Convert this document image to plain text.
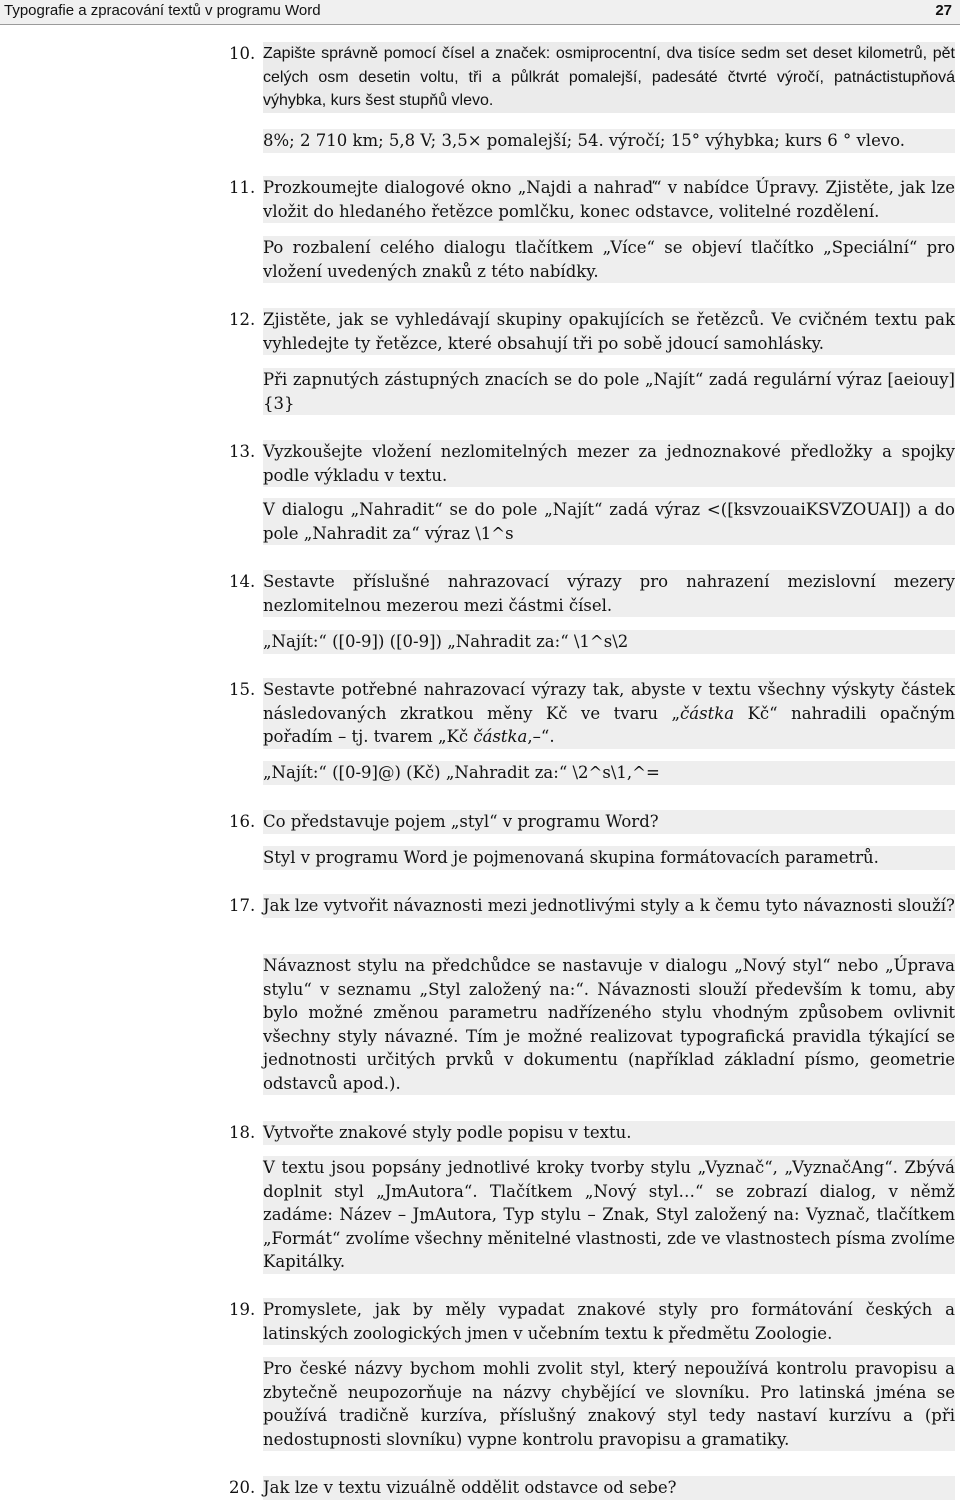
Typografie a zpracování textů v programu Word	27
10. Zapište správně pomocí čísel a značek: osmiprocentní, dva tisíce sedm set deset kilometrů, pět celých osm desetin voltu, tři a půlkrát pomalejší, padesáté čtvrté výročí, patnáctistupňová výhybka, kurs šest stupňů vlevo.
8%; 2 710 km; 5,8 V; 3,5× pomalejší; 54. výročí; 15° výhybka; kurs 6 ° vlevo.
11. Prozkoumejte dialogové okno „Najdi a nahraď“ v nabídce Úpravy. Zjistěte, jak lze vložit do hledaného řetězce pomlčku, konec odstavce, volitelné rozdělení.
Po rozbalení celého dialogu tlačítkem „Více“ se objeví tlačítko „Speciální“ pro vložení uvedených znaků z této nabídky.
12. Zjistěte, jak se vyhledávají skupiny opakujících se řetězců. Ve cvičném textu pak vyhledejte ty řetězce, které obsahují tři po sobě jdoucí samohlásky.
Při zapnutých zástupných znacích se do pole „Najít“ zadá regulární výraz [aeiouy]{3}
13. Vyzkoušejte vložení nezlomitelných mezer za jednoznakové předložky a spojky podle výkladu v textu.
V dialogu „Nahradit“ se do pole „Najít“ zadá výraz <([ksvzouaiKSVZOUAI]) a do pole „Nahradit za“ výraz \1^s
14. Sestavte příslušné nahrazovací výrazy pro nahrazení mezislovní mezery nezlomitelnou mezerou mezi částmi čísel.
„Najít:“ ([0-9]) ([0-9]) „Nahradit za:“ \1^s\2
15. Sestavte potřebné nahrazovací výrazy tak, abyste v textu všechny výskyty částek následovaných zkratkou měny Kč ve tvaru „částka Kč“ nahradili opačným pořadím – tj. tvarem „Kč částka,–“.
„Najít:“ ([0-9]@) (Kč) „Nahradit za:“ \2^s\1,^=
16. Co představuje pojem „styl“ v programu Word?
Styl v programu Word je pojmenovaná skupina formátovacích parametrů.
17. Jak lze vytvořit návaznosti mezi jednotlivými styly a k čemu tyto návaznosti slouží?
Návaznost stylu na předchůdce se nastavuje v dialogu „Nový styl“ nebo „Úprava stylu“ v seznamu „Styl založený na:“. Návaznosti slouží především k tomu, aby bylo možné změnou parametru nadřízeného stylu vhodným způsobem ovlivnit všechny styly návazné. Tím je možné realizovat typografická pravidla týkající se jednotnosti určitých prvků v dokumentu (například základní písmo, geometrie odstavců apod.).
18. Vytvořte znakové styly podle popisu v textu.
V textu jsou popsány jednotlivé kroky tvorby stylu „Vyznač“, „VyznačAng“. Zbývá doplnit styl „JmAutora“. Tlačítkem „Nový styl…“ se zobrazí dialog, v němž zadáme: Název – JmAutora, Typ stylu – Znak, Styl založený na: Vyznač, tlačítkem „Formát“ zvolíme všechny měnitelné vlastnosti, zde ve vlastnostech písma zvolíme Kapitálky.
19. Promyslete, jak by měly vypadat znakové styly pro formátování českých a latinských zoologických jmen v učebním textu k předmětu Zoologie.
Pro české názvy bychom mohli zvolit styl, který nepoužívá kontrolu pravopisu a zbytečně neupozorňuje na názvy chybějící ve slovníku. Pro latinská jména se používá tradičně kurzíva, příslušný znakový styl tedy nastaví kurzívu a (při nedostupnosti slovníku) vypne kontrolu pravopisu a gramatiky.
20. Jak lze v textu vizuálně oddělit odstavce od sebe?
